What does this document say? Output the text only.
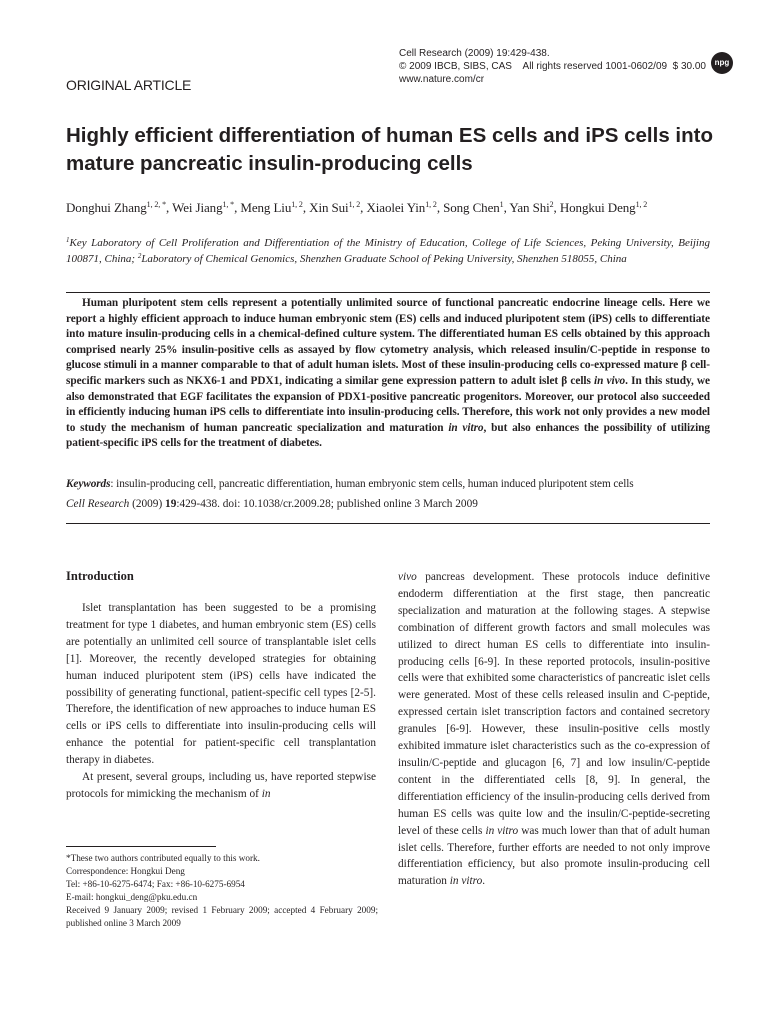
Cell Research (2009) 19:429-438.
© 2009 IBCB, SIBS, CAS    All rights reserved 1001-0602/09  $ 30.00
www.nature.com/cr
npg
ORIGINAL ARTICLE
Highly efficient differentiation of human ES cells and iPS cells into mature pancreatic insulin-producing cells
Donghui Zhang$^{1, 2, *}$, Wei Jiang$^{1, *}$, Meng Liu$^{1, 2}$, Xin Sui$^{1, 2}$, Xiaolei Yin$^{1, 2}$, Song Chen$^1$, Yan Shi$^2$, Hongkui Deng$^{1, 2}$
$^1$Key Laboratory of Cell Proliferation and Differentiation of the Ministry of Education, College of Life Sciences, Peking University, Beijing 100871, China; $^2$Laboratory of Chemical Genomics, Shenzhen Graduate School of Peking University, Shenzhen 518055, China
Human pluripotent stem cells represent a potentially unlimited source of functional pancreatic endocrine lineage cells. Here we report a highly efficient approach to induce human embryonic stem (ES) cells and induced pluripotent stem (iPS) cells to differentiate into mature insulin-producing cells in a chemical-defined culture system. The differentiated human ES cells obtained by this approach comprised nearly 25% insulin-positive cells as assayed by flow cytometry analysis, which released insulin/C-peptide in response to glucose stimuli in a manner comparable to that of adult human islets. Most of these insulin-producing cells co-expressed mature β cell-specific markers such as NKX6-1 and PDX1, indicating a similar gene expression pattern to adult islet β cells in vivo. In this study, we also demonstrated that EGF facilitates the expansion of PDX1-positive pancreatic progenitors. Moreover, our protocol also succeeded in efficiently inducing human iPS cells to differentiate into insulin-producing cells. Therefore, this work not only provides a new model to study the mechanism of human pancreatic specialization and maturation in vitro, but also enhances the possibility of utilizing patient-specific iPS cells for the treatment of diabetes.
Keywords: insulin-producing cell, pancreatic differentiation, human embryonic stem cells, human induced pluripotent stem cells
Cell Research (2009) 19:429-438. doi: 10.1038/cr.2009.28; published online 3 March 2009
Introduction

Islet transplantation has been suggested to be a promising treatment for type 1 diabetes, and human embryonic stem (ES) cells are potentially an unlimited cell source of transplantable islet cells [1]. Moreover, the recently developed strategies for obtaining human induced pluripotent stem (iPS) cells have indicated the possibility of generating functional, patient-specific cell types [2-5]. Therefore, the identification of new approaches to induce human ES cells or iPS cells to differentiate into insulin-producing cells will enhance the potential for patient-specific cell transplantation therapy in diabetes.

At present, several groups, including us, have reported stepwise protocols for mimicking the mechanism of in

vivo pancreas development. These protocols induce definitive endoderm differentiation at the first stage, then pancreatic specialization and maturation at the following stages. A stepwise combination of different growth factors and small molecules was utilized to direct human ES cells to differentiate into insulin-producing cells [6-9]. In these reported protocols, insulin-positive cells were that exhibited some characteristics of pancreatic islet cells were generated. Most of these cells released insulin and C-peptide, expressed certain islet transcription factors and contained secretory granules [6-9]. However, these insulin-positive cells mostly exhibited immature islet characteristics such as the co-expression of insulin/C-peptide and glucagon [6, 7] and low insulin/C-peptide content in the differentiated cells [8, 9]. In general, the differentiation efficiency of the insulin-producing cells derived from human ES cells was quite low and the insulin/C-peptide-secreting level of these cells in vitro was much lower than that of adult human islet cells. Therefore, further efforts are needed to not only improve differentiation efficiency, but also promote insulin-producing cell maturation in vitro.

*These two authors contributed equally to this work.
Correspondence: Hongkui Deng
Tel: +86-10-6275-6474; Fax: +86-10-6275-6954
E-mail: hongkui_deng@pku.edu.cn
Received 9 January 2009; revised 1 February 2009; accepted 4 February 2009; published online 3 March 2009
